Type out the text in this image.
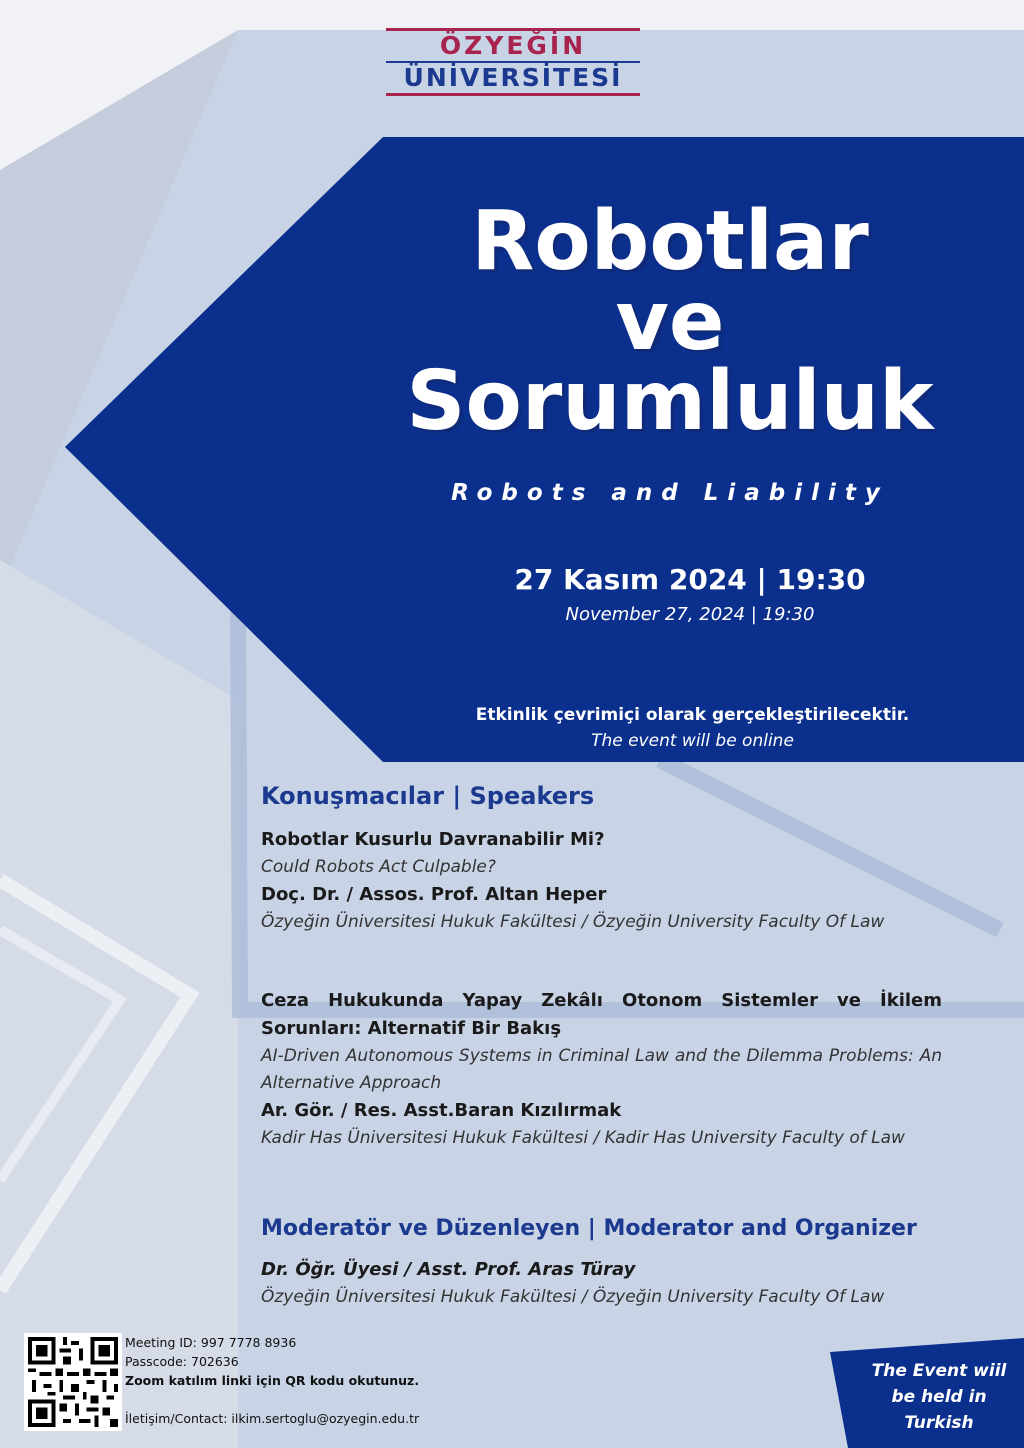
ÖZYEĞİN
ÜNİVERSİTESİ
Robotlar
ve
Sorumluluk
Robots and Liability
27 Kasım 2024 | 19:30
November 27, 2024 | 19:30
Etkinlik çevrimiçi olarak gerçekleştirilecektir.
The event will be online
Konuşmacılar | Speakers
Robotlar Kusurlu Davranabilir Mi?
Could Robots Act Culpable?
Doç. Dr. / Assos. Prof. Altan Heper
Özyeğin Üniversitesi Hukuk Fakültesi / Özyeğin University Faculty Of Law
Ceza Hukukunda Yapay Zekâlı Otonom Sistemler ve İkilem Sorunları: Alternatif Bir Bakış
AI-Driven Autonomous Systems in Criminal Law and the Dilemma Problems: An Alternative Approach
Ar. Gör. / Res. Asst.Baran Kızılırmak
Kadir Has Üniversitesi Hukuk Fakültesi / Kadir Has University Faculty of Law
Moderatör ve Düzenleyen | Moderator and Organizer
Dr. Öğr. Üyesi / Asst. Prof. Aras Türay
Özyeğin Üniversitesi Hukuk Fakültesi / Özyeğin University Faculty Of Law
Meeting ID: 997 7778 8936
Passcode: 702636
Zoom katılım linki için QR kodu okutunuz.
İletişim/Contact: ilkim.sertoglu@ozyegin.edu.tr
The Event wiil
be held in
Turkish
